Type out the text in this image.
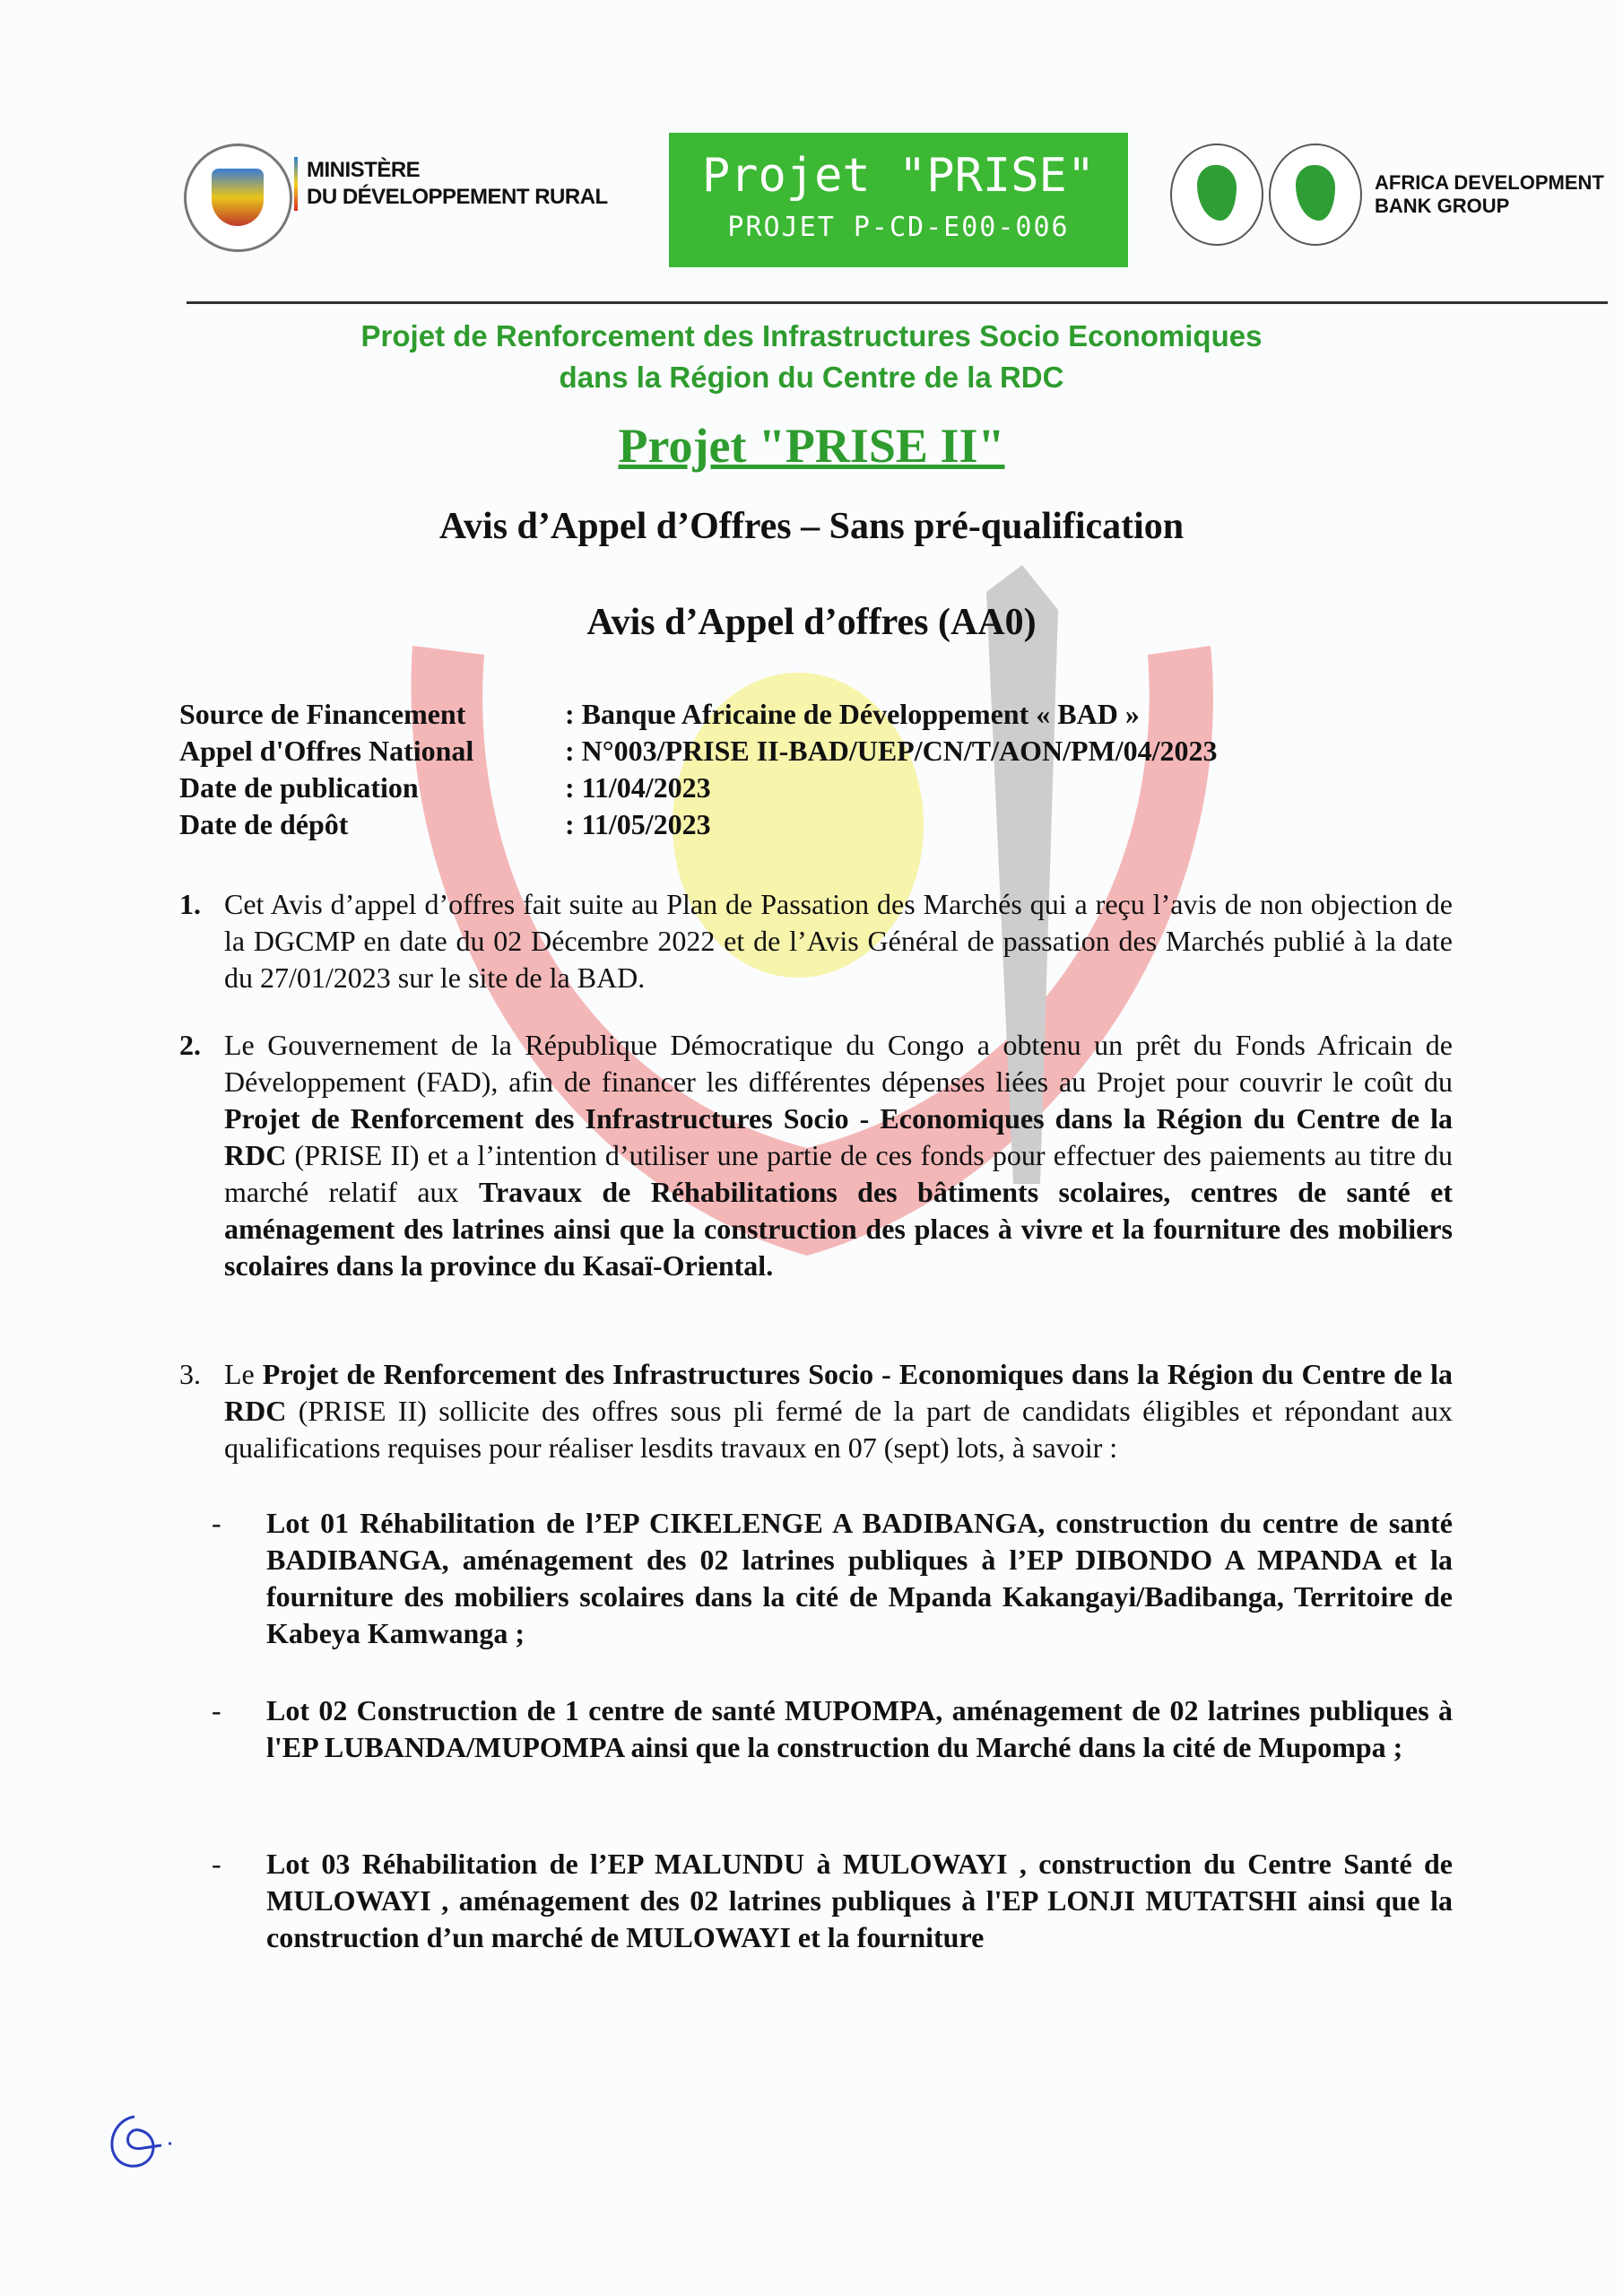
MINISTÈRE
DU DÉVELOPPEMENT RURAL	Projet "PRISE"
PROJET P-CD-E00-006
AFRICA DEVELOPMENT
BANK GROUP
Projet de Renforcement des Infrastructures Socio Economiques
dans la Région du Centre de la RDC
Projet "PRISE II"
Avis d’Appel d’Offres – Sans pré-qualification
Avis d’Appel d’offres (AA0)
Source de Financement	: Banque Africaine de Développement « BAD »
Appel d'Offres National	: N°003/PRISE II-BAD/UEP/CN/T/AON/PM/04/2023
Date de publication	: 11/04/2023
Date de dépôt	: 11/05/2023
1. Cet Avis d’appel d’offres fait suite au Plan de Passation des Marchés qui a reçu l’avis de non objection de la DGCMP en date du 02 Décembre 2022 et de l’Avis Général de passation des Marchés publié à la date du 27/01/2023 sur le site de la BAD.
2. Le Gouvernement de la République Démocratique du Congo a obtenu un prêt du Fonds Africain de Développement (FAD), afin de financer les différentes dépenses liées au Projet pour couvrir le coût du Projet de Renforcement des Infrastructures Socio - Economiques dans la Région du Centre de la RDC (PRISE II) et a l’intention d’utiliser une partie de ces fonds pour effectuer des paiements au titre du marché relatif aux Travaux de Réhabilitations des bâtiments scolaires, centres de santé et aménagement des latrines ainsi que la construction des places à vivre et la fourniture des mobiliers scolaires dans la province du Kasaï-Oriental.
3. Le Projet de Renforcement des Infrastructures Socio - Economiques dans la Région du Centre de la RDC (PRISE II) sollicite des offres sous pli fermé de la part de candidats éligibles et répondant aux qualifications requises pour réaliser lesdits travaux en 07 (sept) lots, à savoir :
-	Lot 01 Réhabilitation de l’EP CIKELENGE A BADIBANGA, construction du centre de santé BADIBANGA, aménagement des 02 latrines publiques à l’EP DIBONDO A MPANDA et la fourniture des mobiliers scolaires dans la cité de Mpanda Kakangayi/Badibanga, Territoire de Kabeya Kamwanga ;
-	Lot 02 Construction de 1 centre de santé MUPOMPA, aménagement de 02 latrines publiques à l'EP LUBANDA/MUPOMPA ainsi que la construction du Marché dans la cité de Mupompa ;
-	Lot 03 Réhabilitation de l’EP MALUNDU à MULOWAYI , construction du Centre Santé de MULOWAYI , aménagement des 02 latrines publiques à l'EP LONJI MUTATSHI ainsi que la construction d’un marché de MULOWAYI et la fourniture
